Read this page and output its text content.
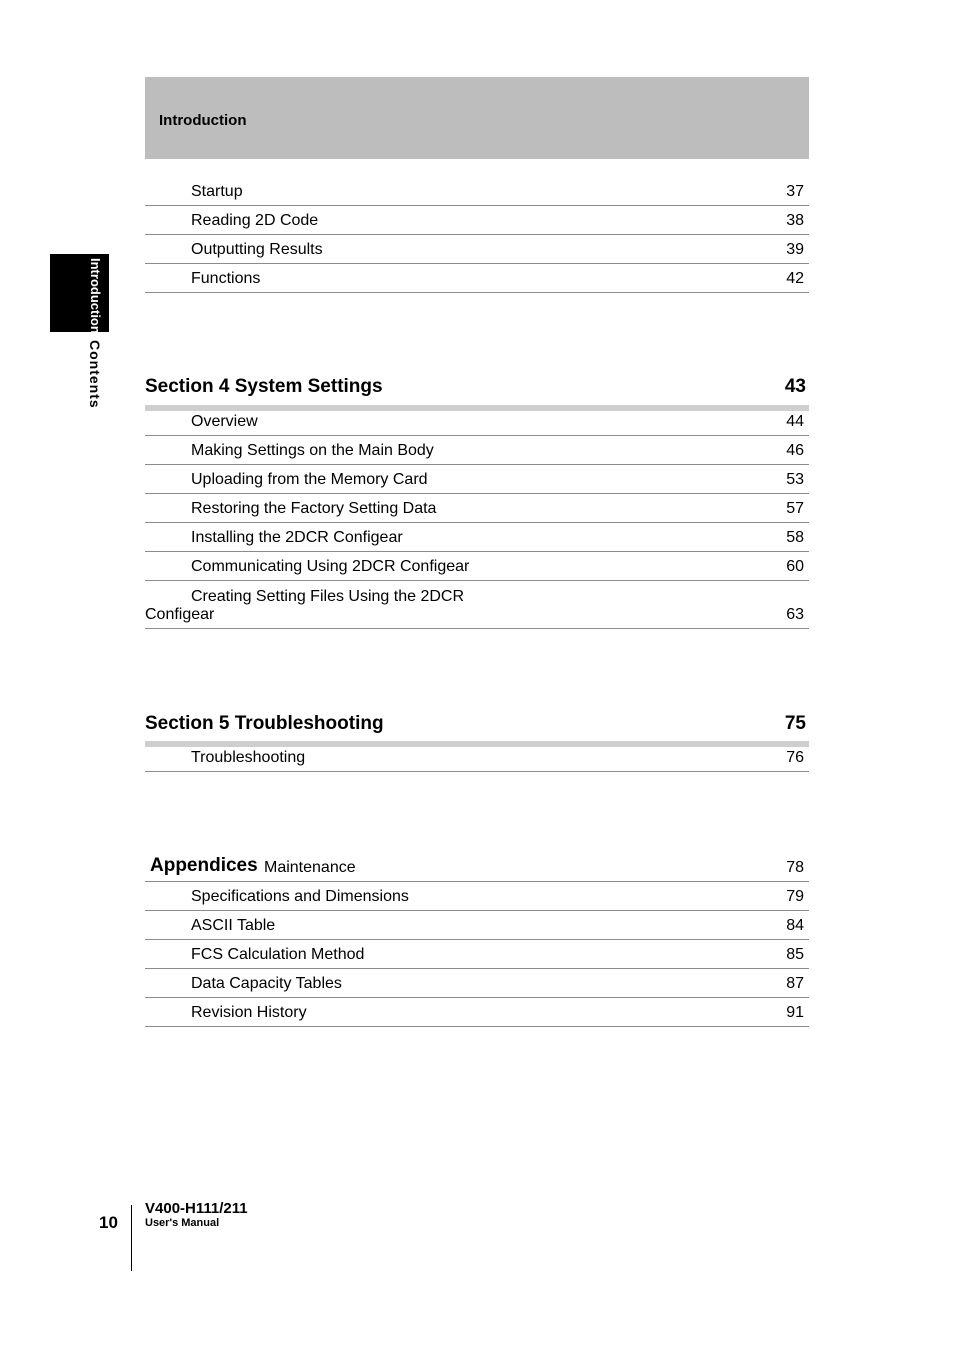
Introduction
Introduction
Contents
Startup	37
Reading 2D Code	38
Outputting Results	39
Functions	42
Section 4 System Settings	43
Overview	44
Making Settings on the Main Body	46
Uploading from the Memory Card	53
Restoring the Factory Setting Data	57
Installing the 2DCR Configear	58
Communicating Using 2DCR Configear	60
Creating Setting Files Using the 2DCR
Configear	63
Section 5 Troubleshooting	75
Troubleshooting	76
Appendices Maintenance	78
Specifications and Dimensions	79
ASCII Table	84
FCS Calculation Method	85
Data Capacity Tables	87
Revision History	91
10
V400-H111/211
User's Manual
